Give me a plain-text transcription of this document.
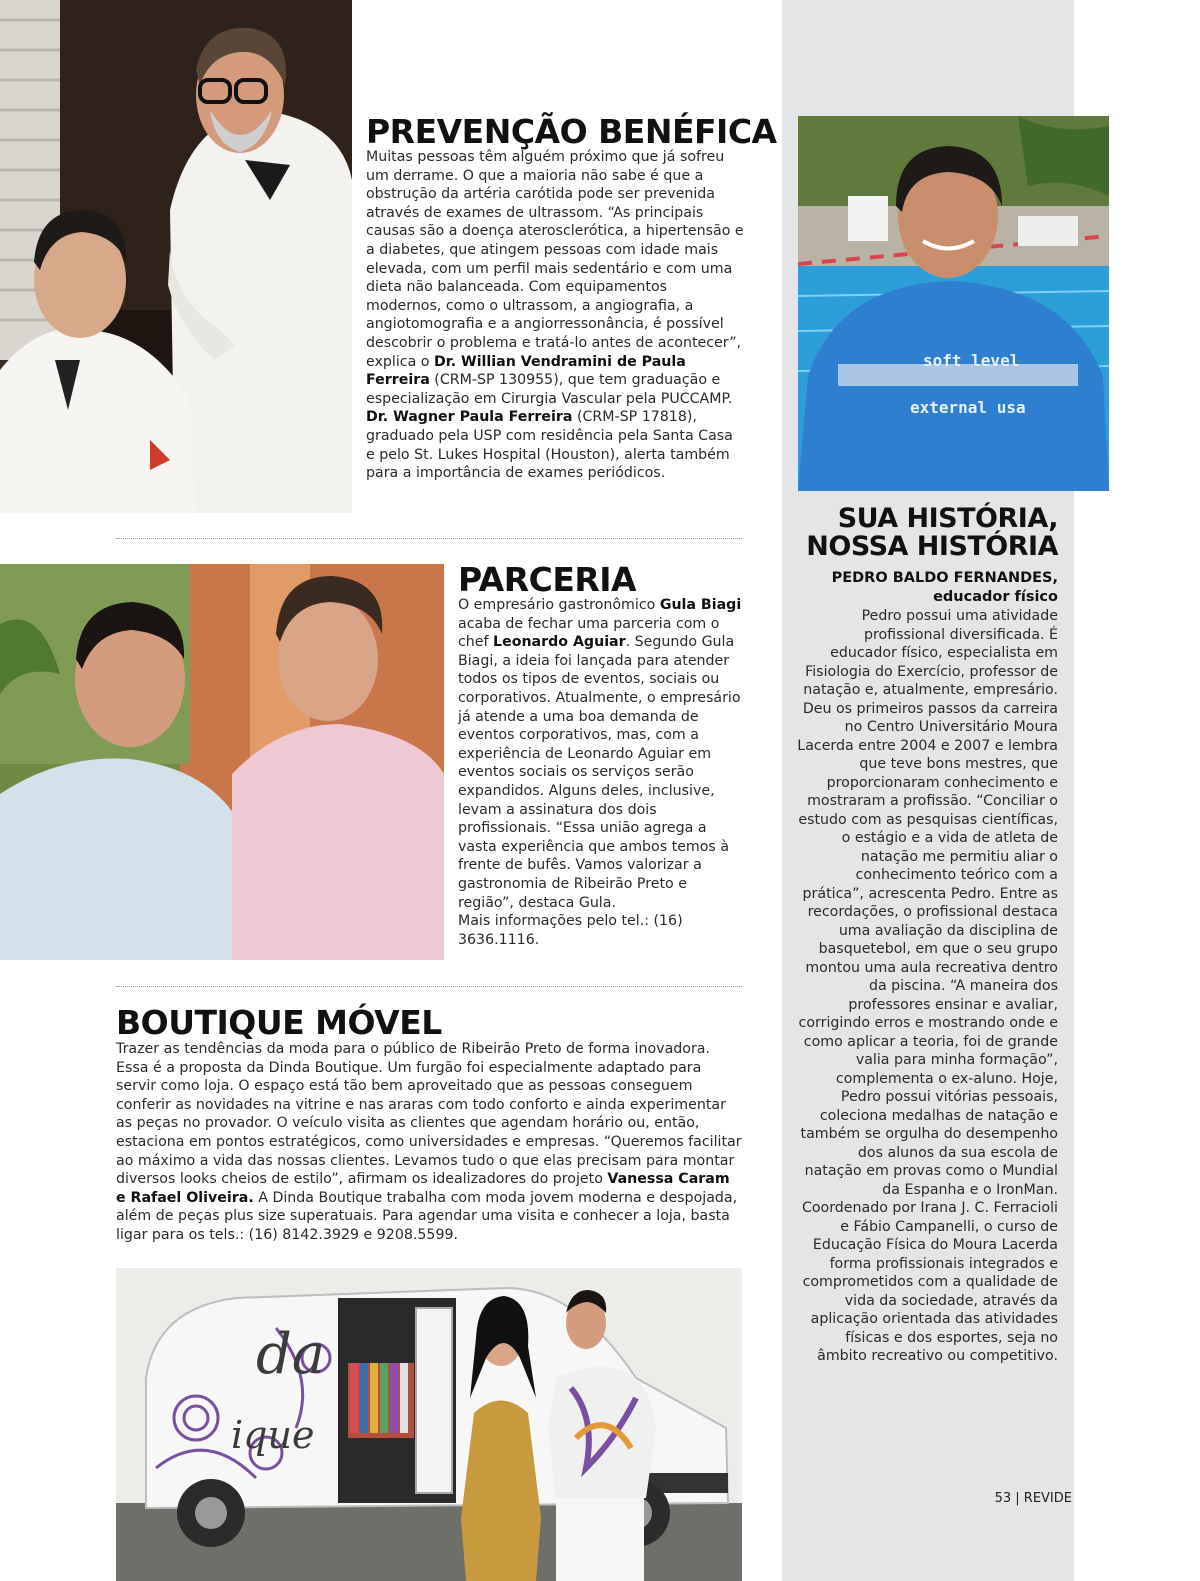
PREVENÇÃO BENÉFICA
Muitas pessoas têm alguém próximo que já sofreu um derrame. O que a maioria não sabe é que a obstrução da artéria carótida pode ser prevenida através de exames de ultrassom. “As principais causas são a doença aterosclerótica, a hipertensão e a diabetes, que atingem pessoas com idade mais elevada, com um perfil mais sedentário e com uma dieta não balanceada. Com equipamentos modernos, como o ultrassom, a angiografia, a angiotomografia e a angiorressonância, é possível descobrir o problema e tratá-lo antes de acontecer”, explica o Dr. Willian Vendramini de Paula Ferreira (CRM-SP 130955), que tem graduação e especialização em Cirurgia Vascular pela PUCCAMP. Dr. Wagner Paula Ferreira (CRM-SP 17818), graduado pela USP com residência pela Santa Casa e pelo St. Lukes Hospital (Houston), alerta também para a importância de exames periódicos.
PARCERIA
O empresário gastronômico Gula Biagi acaba de fechar uma parceria com o chef Leonardo Aguiar. Segundo Gula Biagi, a ideia foi lançada para atender todos os tipos de eventos, sociais ou corporativos. Atualmente, o empresário já atende a uma boa demanda de eventos corporativos, mas, com a experiência de Leonardo Aguiar em eventos sociais os serviços serão expandidos. Alguns deles, inclusive, levam a assinatura dos dois profissionais. “Essa união agrega a vasta experiência que ambos temos à frente de bufês. Vamos valorizar a gastronomia de Ribeirão Preto e região”, destaca Gula.
Mais informações pelo tel.: (16) 3636.1116.
BOUTIQUE MÓVEL
Trazer as tendências da moda para o público de Ribeirão Preto de forma inovadora. Essa é a proposta da Dinda Boutique. Um furgão foi especialmente adaptado para servir como loja. O espaço está tão bem aproveitado que as pessoas conseguem conferir as novidades na vitrine e nas araras com todo conforto e ainda experimentar as peças no provador. O veículo visita as clientes que agendam horário ou, então, estaciona em pontos estratégicos, como universidades e empresas. “Queremos facilitar ao máximo a vida das nossas clientes. Levamos tudo o que elas precisam para montar diversos looks cheios de estilo”, afirmam os idealizadores do projeto Vanessa Caram e Rafael Oliveira. A Dinda Boutique trabalha com moda jovem moderna e despojada, além de peças plus size superatuais. Para agendar uma visita e conhecer a loja, basta ligar para os tels.: (16) 8142.3929 e 9208.5599.
da
ique
soft level
external usa
SUA HISTÓRIA,
NOSSA HISTÓRIA
PEDRO BALDO FERNANDES,
educador físico
Pedro possui uma atividade profissional diversificada. É educador físico, especialista em Fisiologia do Exercício, professor de natação e, atualmente, empresário. Deu os primeiros passos da carreira no Centro Universitário Moura Lacerda entre 2004 e 2007 e lembra que teve bons mestres, que proporcionaram conhecimento e mostraram a profissão. “Conciliar o estudo com as pesquisas científicas, o estágio e a vida de atleta de natação me permitiu aliar o conhecimento teórico com a prática”, acrescenta Pedro. Entre as recordações, o profissional destaca uma avaliação da disciplina de basquetebol, em que o seu grupo montou uma aula recreativa dentro da piscina. “A maneira dos professores ensinar e avaliar, corrigindo erros e mostrando onde e como aplicar a teoria, foi de grande valia para minha formação”, complementa o ex-aluno. Hoje, Pedro possui vitórias pessoais, coleciona medalhas de natação e também se orgulha do desempenho dos alunos da sua escola de natação em provas como o Mundial da Espanha e o IronMan. Coordenado por Irana J. C. Ferracioli e Fábio Campanelli, o curso de Educação Física do Moura Lacerda forma profissionais integrados e comprometidos com a qualidade de vida da sociedade, através da aplicação orientada das atividades físicas e dos esportes, seja no âmbito recreativo ou competitivo.
53 | REVIDE
